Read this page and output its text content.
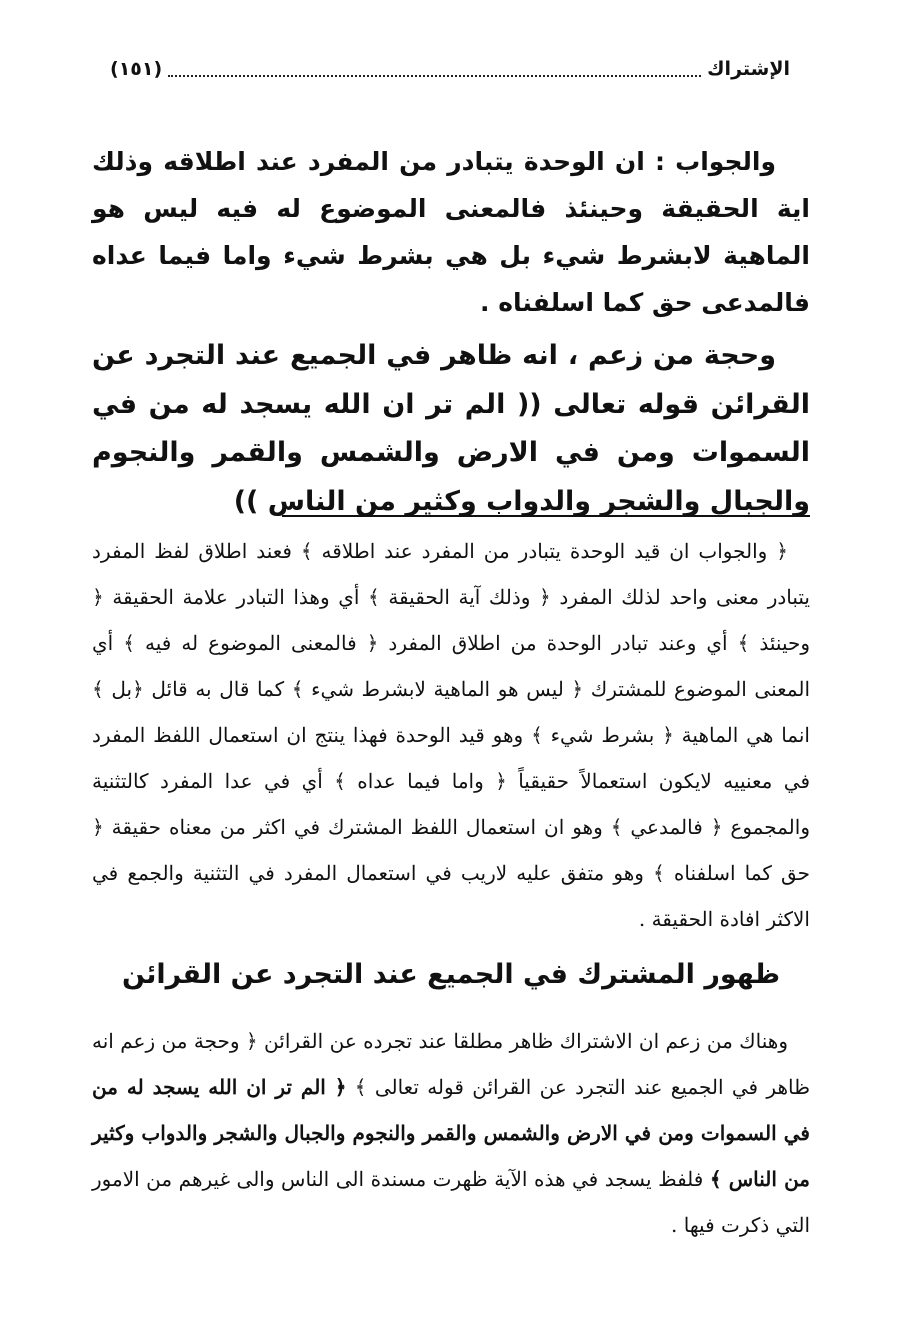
الإشتراك
(١٥١)

والجواب : ان الوحدة يتبادر من المفرد عند اطلاقه وذلك اية الحقيقة وحينئذ فالمعنى الموضوع له فيه ليس هو الماهية لابشرط شيء بل هي بشرط شيء واما فيما عداه فالمدعى حق كما اسلفناه .

وحجة من زعم ، انه ظاهر في الجميع عند التجرد عن القرائن قوله تعالى (( الم تر ان الله يسجد له من في السموات ومن في الارض والشمس والقمر والنجوم والجبال والشجر والدواب وكثير من الناس ))

﴿ والجواب ان قيد الوحدة يتبادر من المفرد عند اطلاقه ﴾ فعند اطلاق لفظ المفرد يتبادر معنى واحد لذلك المفرد ﴿ وذلك آية الحقيقة ﴾ أي وهذا التبادر علامة الحقيقة ﴿ وحينئذ ﴾ أي وعند تبادر الوحدة من اطلاق المفرد ﴿ فالمعنى الموضوع له فيه ﴾ أي المعنى الموضوع للمشترك ﴿ ليس هو الماهية لابشرط شيء ﴾ كما قال به قائل ﴿بل ﴾ انما هي الماهية ﴿ بشرط شيء ﴾ وهو قيد الوحدة فهذا ينتج ان استعمال اللفظ المفرد في معنييه لايكون استعمالاً حقيقياً ﴿ واما فيما عداه ﴾ أي في عدا المفرد كالتثنية والمجموع ﴿ فالمدعي ﴾ وهو ان استعمال اللفظ المشترك في اكثر من معناه حقيقة ﴿ حق كما اسلفناه ﴾ وهو متفق عليه لاريب في استعمال المفرد في التثنية والجمع في الاكثر افادة الحقيقة .

ظهور المشترك في الجميع عند التجرد عن القرائن

وهناك من زعم ان الاشتراك ظاهر مطلقا عند تجرده عن القرائن ﴿ وحجة من زعم انه ظاهر في الجميع عند التجرد عن القرائن قوله تعالى ﴾ ﴿ الم تر ان الله يسجد له من في السموات ومن في الارض والشمس والقمر والنجوم والجبال والشجر والدواب وكثير من الناس ﴾ فلفظ يسجد في هذه الآية ظهرت مسندة الى الناس والى غيرهم من الامور التي ذكرت فيها .
